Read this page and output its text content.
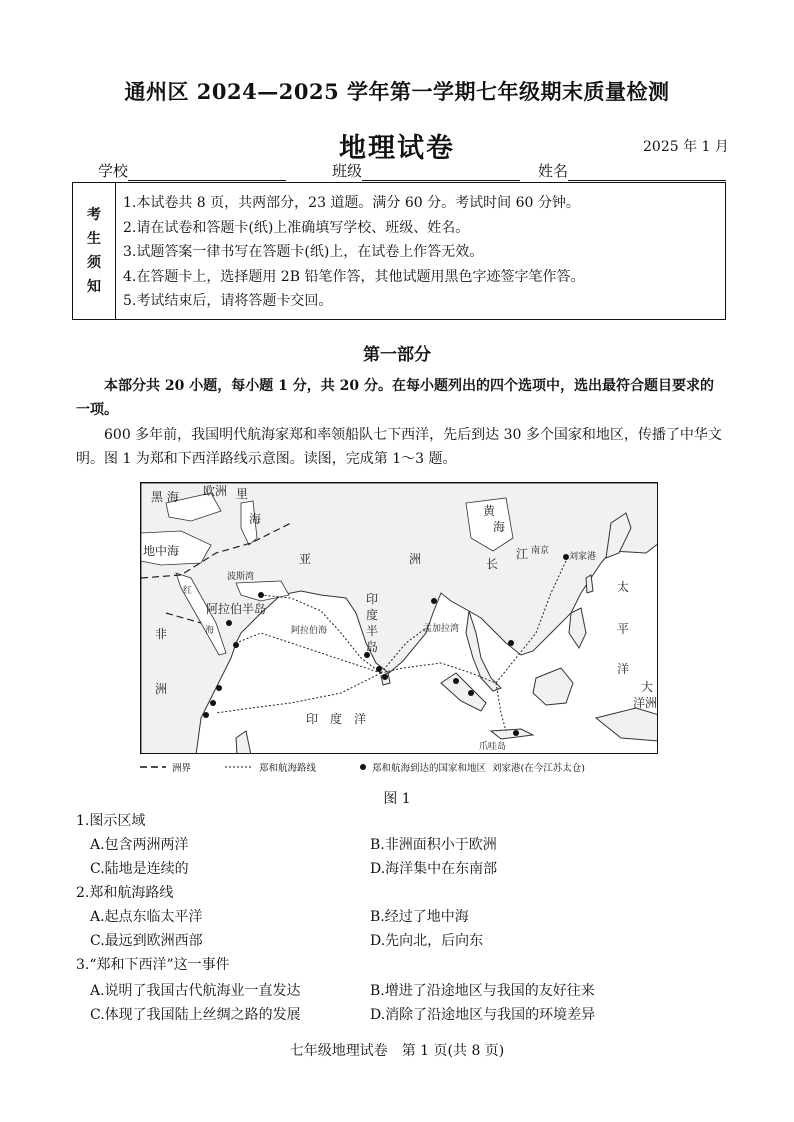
通州区 2024—2025 学年第一学期七年级期末质量检测
地理试卷	2025 年 1 月
学校	班级	姓名
考
生
须
知
1.本试卷共 8 页，共两部分，23 道题。满分 60 分。考试时间 60 分钟。
2.请在试卷和答题卡(纸)上准确填写学校、班级、姓名。
3.试题答案一律书写在答题卡(纸)上，在试卷上作答无效。
4.在答题卡上，选择题用 2B 铅笔作答，其他试题用黑色字迹签字笔作答。
5.考试结束后，请将答题卡交回。
第一部分
本部分共 20 小题，每小题 1 分，共 20 分。在每小题列出的四个选项中，选出最符合题目要求的一项。
600 多年前，我国明代航海家郑和率领船队七下西洋，先后到达 30 多个国家和地区，传播了中华文明。图 1 为郑和下西洋路线示意图。读图，完成第 1～3 题。
黑 海 欧洲 里
海
地中海
亚	洲
黄
海
南京
刘家港
长
江
太
平
洋
波斯湾
阿拉伯半岛
红
海	阿拉伯海
印
度
半
岛
孟加拉湾
非
洲
印　度　洋
大
洋洲
爪哇岛
洲界	郑和航海路线	郑和航海到达的国家和地区 刘家港(在今江苏太仓)
图 1
1.图示区域
A.包含两洲两洋	B.非洲面积小于欧洲
C.陆地是连续的	D.海洋集中在东南部
2.郑和航海路线
A.起点东临太平洋	B.经过了地中海
C.最远到欧洲西部	D.先向北，后向东
3.“郑和下西洋”这一事件
A.说明了我国古代航海业一直发达	B.增进了沿途地区与我国的友好往来
C.体现了我国陆上丝绸之路的发展	D.消除了沿途地区与我国的环境差异
七年级地理试卷　第 1 页(共 8 页)
